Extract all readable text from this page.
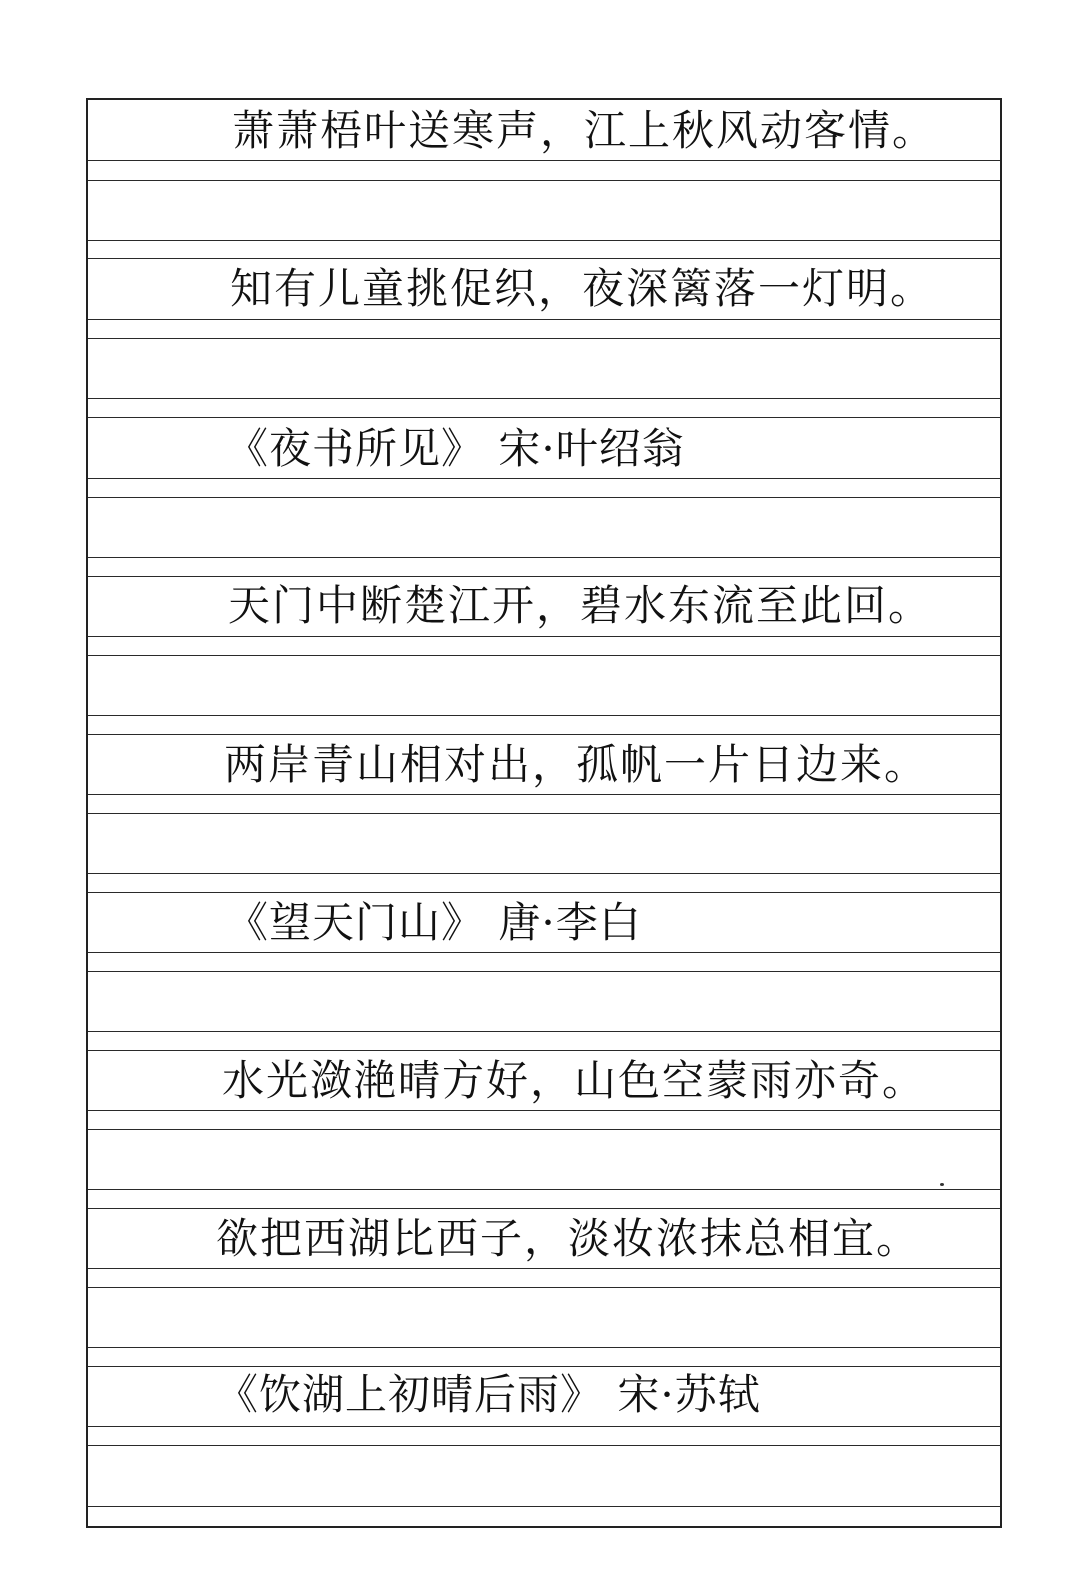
萧萧梧叶送寒声，江上秋风动客情。
知有儿童挑促织，夜深篱落一灯明。
《夜书所见》 宋·叶绍翁
天门中断楚江开，碧水东流至此回。
两岸青山相对出，孤帆一片日边来。
《望天门山》 唐·李白
水光潋滟晴方好，山色空蒙雨亦奇。
欲把西湖比西子，淡妆浓抹总相宜。
《饮湖上初晴后雨》 宋·苏轼
